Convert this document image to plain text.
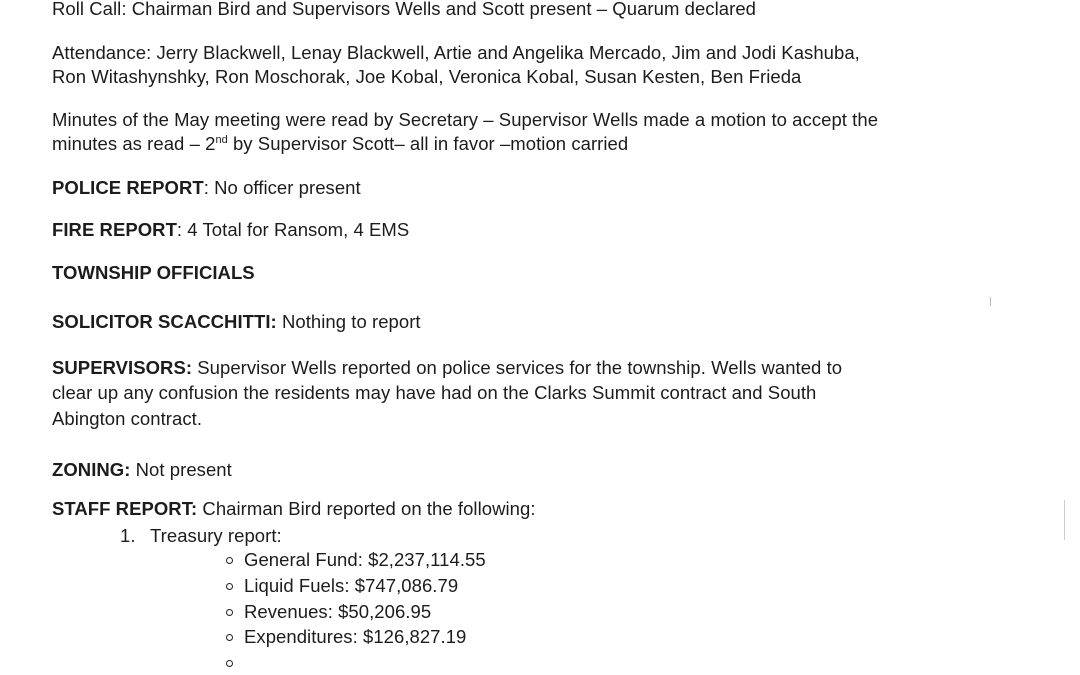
Roll Call: Chairman Bird and Supervisors Wells and Scott present – Quarum declared
Attendance: Jerry Blackwell, Lenay Blackwell, Artie and Angelika Mercado, Jim and Jodi Kashuba,
Ron Witashynshky, Ron Moschorak, Joe Kobal, Veronica Kobal, Susan Kesten, Ben Frieda
Minutes of the May meeting were read by Secretary – Supervisor Wells made a motion to accept the
minutes as read – 2nd by Supervisor Scott– all in favor –motion carried
POLICE REPORT: No officer present
FIRE REPORT: 4 Total for Ransom, 4 EMS
TOWNSHIP OFFICIALS
SOLICITOR SCACCHITTI: Nothing to report
SUPERVISORS: Supervisor Wells reported on police services for the township. Wells wanted to
clear up any confusion the residents may have had on the Clarks Summit contract and South
Abington contract.
ZONING: Not present
STAFF REPORT: Chairman Bird reported on the following:
1. Treasury report:
General Fund: $2,237,114.55
Liquid Fuels: $747,086.79
Revenues: $50,206.95
Expenditures: $126,827.19
